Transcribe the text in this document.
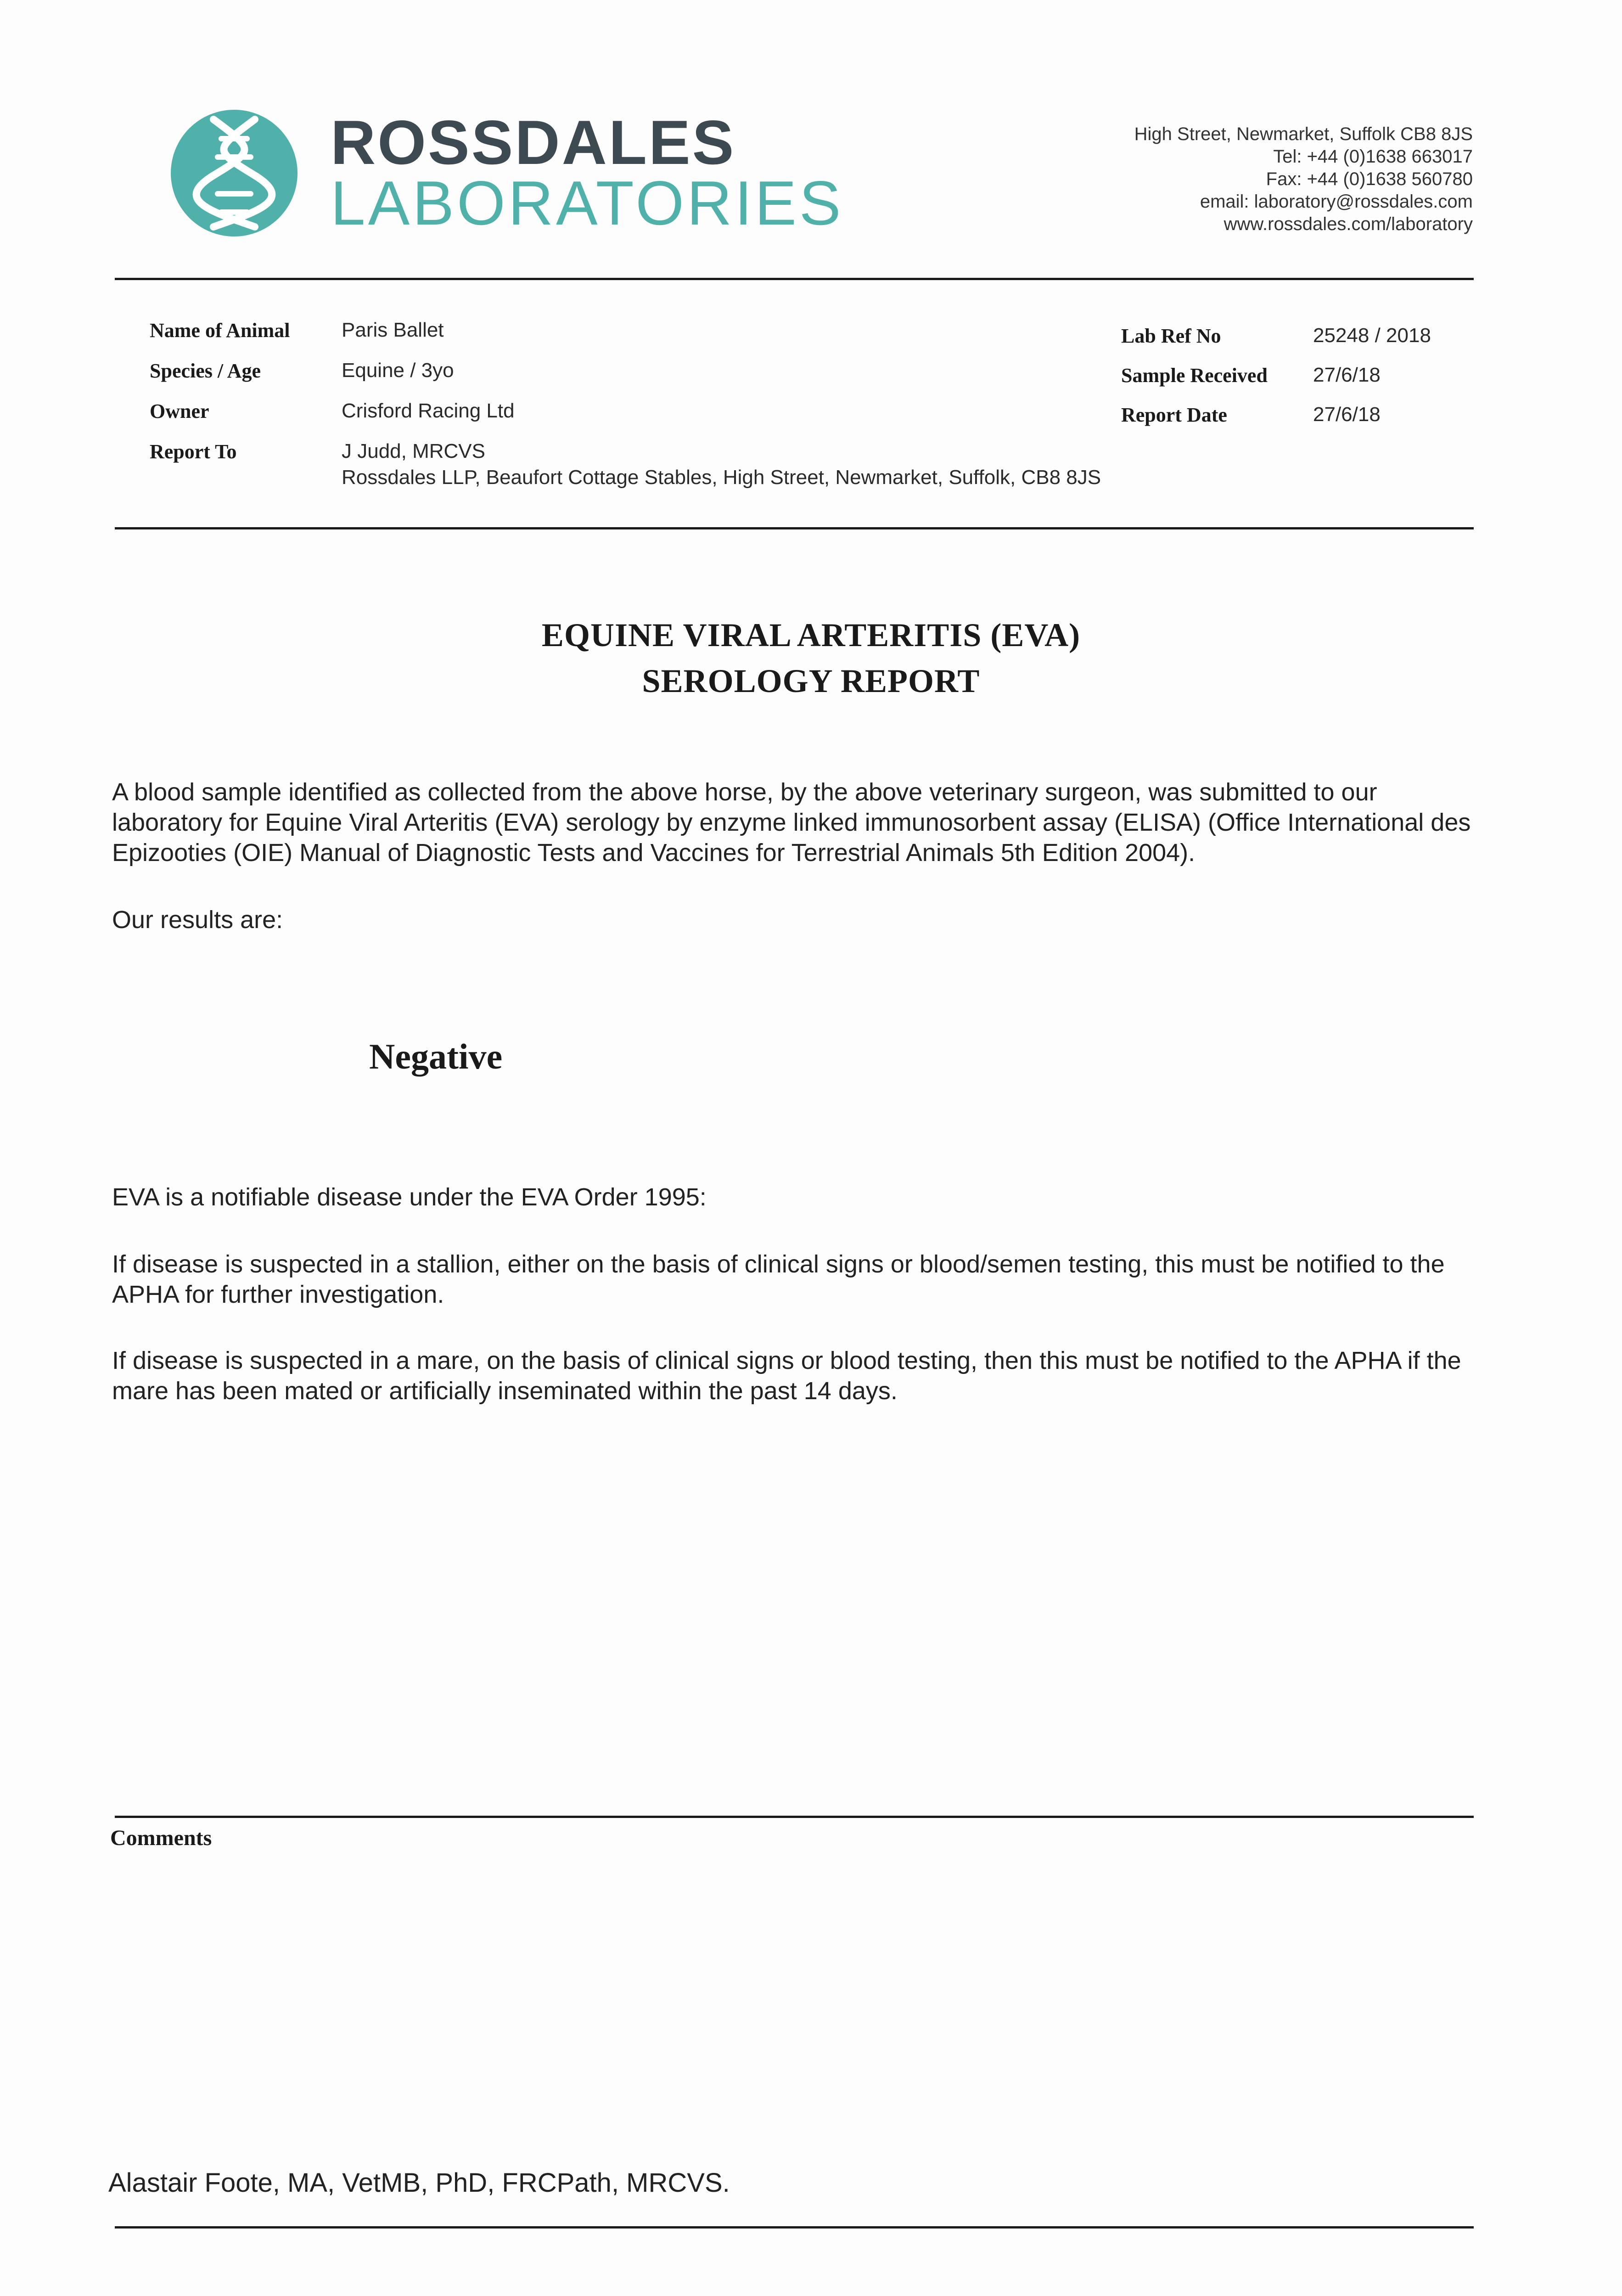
ROSSDALES
LABORATORIES
High Street, Newmarket, Suffolk CB8 8JS
Tel: +44 (0)1638 663017
Fax: +44 (0)1638 560780
email: laboratory@rossdales.com
www.rossdales.com/laboratory
Name of Animal	Paris Ballet
Species / Age	Equine / 3yo
Owner	Crisford Racing Ltd
Report To	J Judd, MRCVS
Rossdales LLP, Beaufort Cottage Stables, High Street, Newmarket, Suffolk, CB8 8JS
Lab Ref No	25248 / 2018
Sample Received 27/6/18
Report Date	27/6/18
EQUINE VIRAL ARTERITIS (EVA)
SEROLOGY REPORT
A blood sample identified as collected from the above horse, by the above veterinary surgeon, was submitted to our laboratory for Equine Viral Arteritis (EVA) serology by enzyme linked immunosorbent assay (ELISA) (Office International des Epizooties (OIE) Manual of Diagnostic Tests and Vaccines for Terrestrial Animals 5th Edition 2004).
Our results are:
Negative
EVA is a notifiable disease under the EVA Order 1995:
If disease is suspected in a stallion, either on the basis of clinical signs or blood/semen testing, this must be notified to the APHA for further investigation.
If disease is suspected in a mare, on the basis of clinical signs or blood testing, then this must be notified to the APHA if the mare has been mated or artificially inseminated within the past 14 days.
Comments
Alastair Foote, MA, VetMB, PhD, FRCPath, MRCVS.
